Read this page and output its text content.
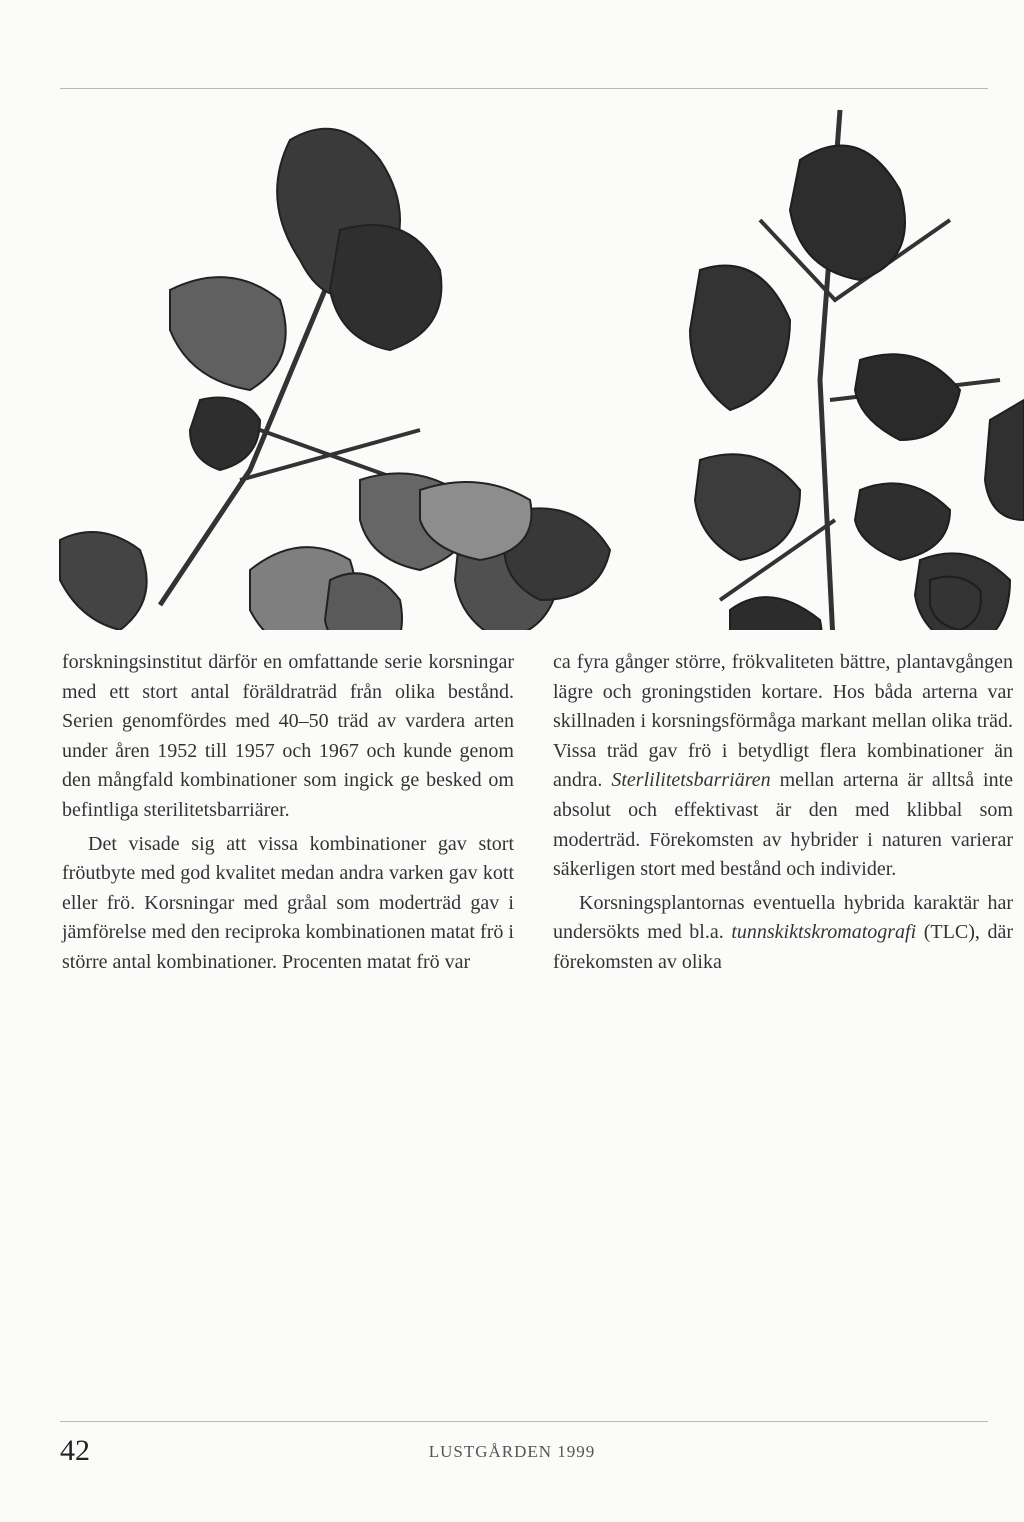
forskningsinstitut därför en omfattande serie korsningar med ett stort antal föräldraträd från olika bestånd. Serien genomfördes med 40–50 träd av vardera arten under åren 1952 till 1957 och 1967 och kunde genom den mångfald kombinationer som ingick ge besked om befintliga sterilitetsbarriärer.

Det visade sig att vissa kombinationer gav stort fröutbyte med god kvalitet medan andra varken gav kott eller frö. Korsningar med gråal som moderträd gav i jämförelse med den reciproka kombinationen matat frö i större antal kombinationer. Procenten matat frö var

ca fyra gånger större, frökvaliteten bättre, plantavgången lägre och groningstiden kortare. Hos båda arterna var skillnaden i korsningsförmåga markant mellan olika träd. Vissa träd gav frö i betydligt flera kombinationer än andra. Sterlilitetsbarriären mellan arterna är alltså inte absolut och effektivast är den med klibbal som moderträd. Förekomsten av hybrider i naturen varierar säkerligen stort med bestånd och individer.

Korsningsplantornas eventuella hybrida karaktär har undersökts med bl.a. tunnskiktskromatografi (TLC), där förekomsten av olika

42	LUSTGÅRDEN 1999
